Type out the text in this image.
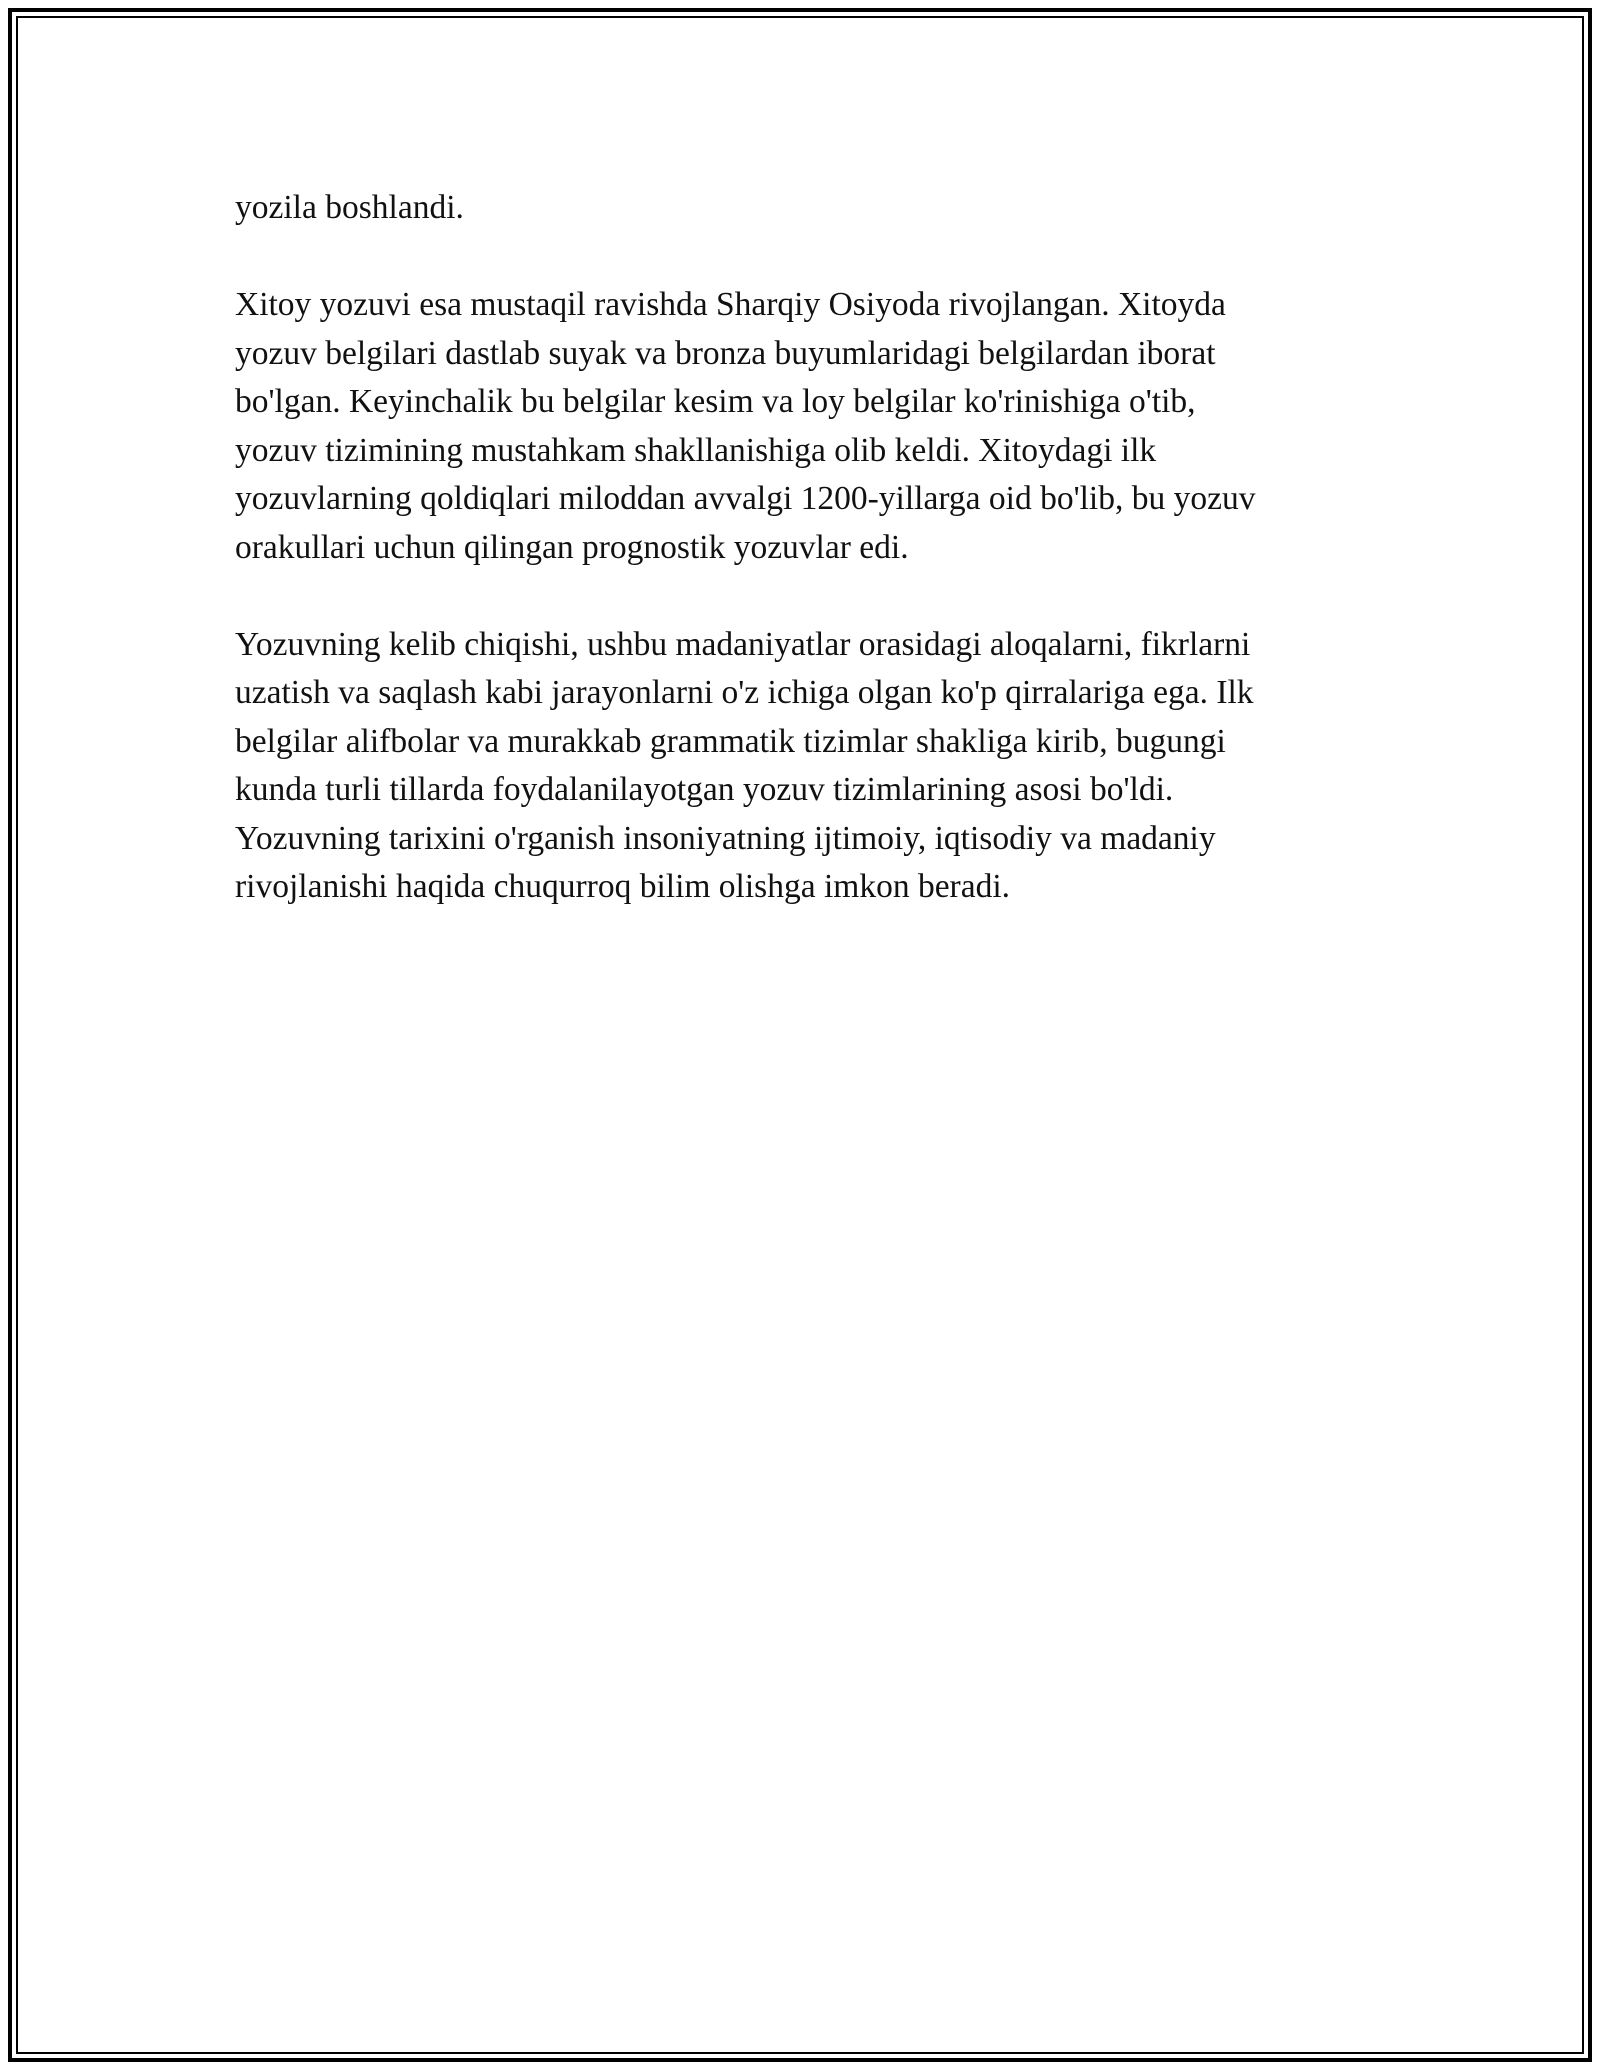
yozila boshlandi.

Xitoy yozuvi esa mustaqil ravishda Sharqiy Osiyoda rivojlangan. Xitoyda
yozuv belgilari dastlab suyak va bronza buyumlaridagi belgilardan iborat
bo'lgan. Keyinchalik bu belgilar kesim va loy belgilar ko'rinishiga o'tib,
yozuv tizimining mustahkam shakllanishiga olib keldi. Xitoydagi ilk
yozuvlarning qoldiqlari miloddan avvalgi 1200-yillarga oid bo'lib, bu yozuv
orakullari uchun qilingan prognostik yozuvlar edi.

Yozuvning kelib chiqishi, ushbu madaniyatlar orasidagi aloqalarni, fikrlarni
uzatish va saqlash kabi jarayonlarni o'z ichiga olgan ko'p qirralariga ega. Ilk
belgilar alifbolar va murakkab grammatik tizimlar shakliga kirib, bugungi
kunda turli tillarda foydalanilayotgan yozuv tizimlarining asosi bo'ldi.
Yozuvning tarixini o'rganish insoniyatning ijtimoiy, iqtisodiy va madaniy
rivojlanishi haqida chuqurroq bilim olishga imkon beradi.
